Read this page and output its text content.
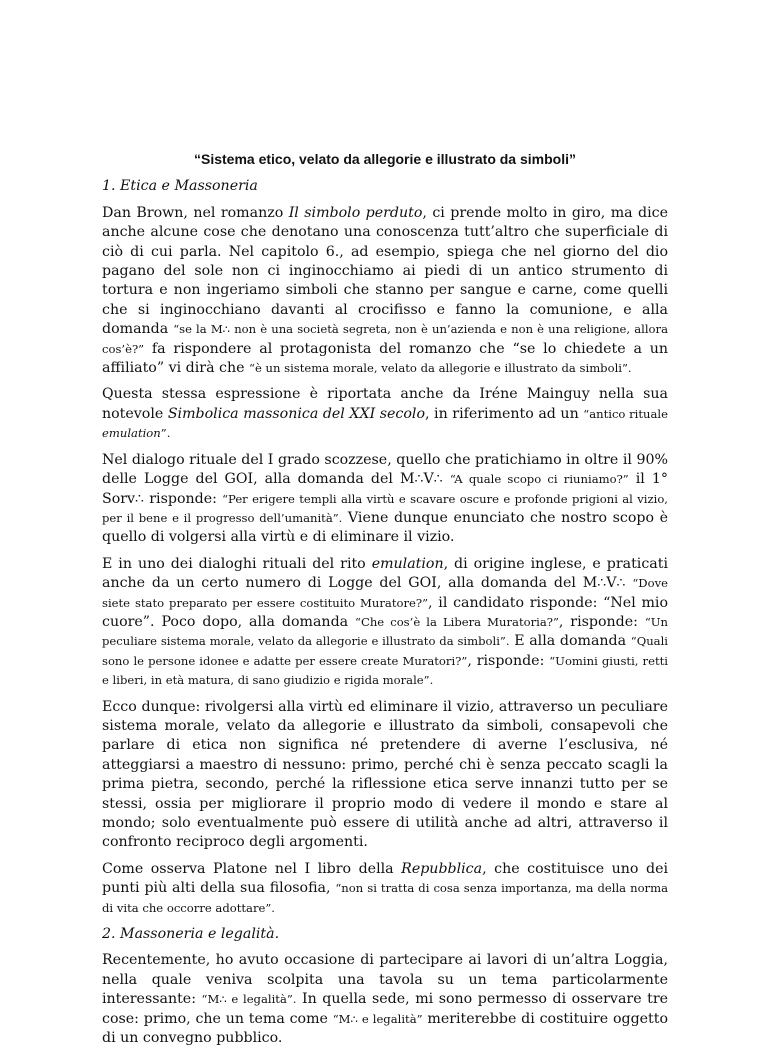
“Sistema etico, velato da allegorie e illustrato da simboli”
1. Etica e Massoneria

Dan Brown, nel romanzo Il simbolo perduto, ci prende molto in giro, ma dice anche alcune cose che denotano una conoscenza tutt’altro che superficiale di ciò di cui parla. Nel capitolo 6., ad esempio, spiega che nel giorno del dio pagano del sole non ci inginocchiamo ai piedi di un antico strumento di tortura e non ingeriamo simboli che stanno per sangue e carne, come quelli che si inginocchiano davanti al crocifisso e fanno la comunione, e alla domanda “se la M∴ non è una società segreta, non è un’azienda e non è una religione, allora cos’è?” fa rispondere al protagonista del romanzo che “se lo chiedete a un affiliato” vi dirà che “è un sistema morale, velato da allegorie e illustrato da simboli”.

Questa stessa espressione è riportata anche da Iréne Mainguy nella sua notevole Simbolica massonica del XXI secolo, in riferimento ad un “antico rituale emulation”.

Nel dialogo rituale del I grado scozzese, quello che pratichiamo in oltre il 90% delle Logge del GOI, alla domanda del M∴V∴ “A quale scopo ci riuniamo?” il 1° Sorv∴ risponde: “Per erigere templi alla virtù e scavare oscure e profonde prigioni al vizio, per il bene e il progresso dell’umanità”. Viene dunque enunciato che nostro scopo è quello di volgersi alla virtù e di eliminare il vizio.

E in uno dei dialoghi rituali del rito emulation, di origine inglese, e praticati anche da un certo numero di Logge del GOI, alla domanda del M∴V∴ “Dove siete stato preparato per essere costituito Muratore?”, il candidato risponde: “Nel mio cuore”. Poco dopo, alla domanda “Che cos’è la Libera Muratoria?”, risponde: “Un peculiare sistema morale, velato da allegorie e illustrato da simboli”. E alla domanda “Quali sono le persone idonee e adatte per essere create Muratori?”, risponde: “Uomini giusti, retti e liberi, in età matura, di sano giudizio e rigida morale”.

Ecco dunque: rivolgersi alla virtù ed eliminare il vizio, attraverso un peculiare sistema morale, velato da allegorie e illustrato da simboli, consapevoli che parlare di etica non significa né pretendere di averne l’esclusiva, né atteggiarsi a maestro di nessuno: primo, perché chi è senza peccato scagli la prima pietra, secondo, perché la riflessione etica serve innanzi tutto per se stessi, ossia per migliorare il proprio modo di vedere il mondo e stare al mondo; solo eventualmente può essere di utilità anche ad altri, attraverso il confronto reciproco degli argomenti.

Come osserva Platone nel I libro della Repubblica, che costituisce uno dei punti più alti della sua filosofia, “non si tratta di cosa senza importanza, ma della norma di vita che occorre adottare”.

2. Massoneria e legalità.

Recentemente, ho avuto occasione di partecipare ai lavori di un’altra Loggia, nella quale veniva scolpita una tavola su un tema particolarmente interessante: “M∴ e legalità”. In quella sede, mi sono permesso di osservare tre cose: primo, che un tema come “M∴ e legalità” meriterebbe di costituire oggetto di un convegno pubblico.
